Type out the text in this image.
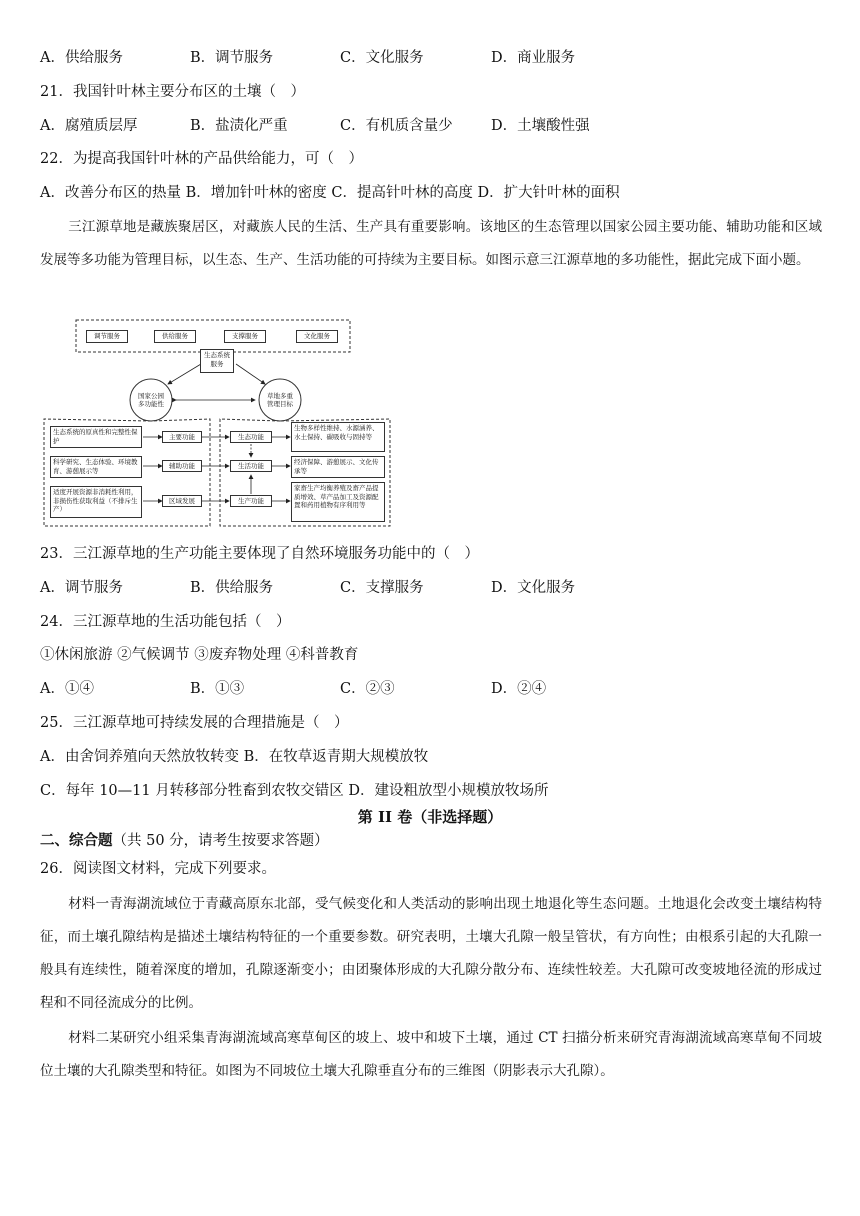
A．供给服务	B．调节服务	C．文化服务	D．商业服务
21．我国针叶林主要分布区的土壤（　）
A．腐殖质层厚	B．盐渍化严重	C．有机质含量少	D．土壤酸性强
22．为提高我国针叶林的产品供给能力，可（　）
A．改善分布区的热量 B．增加针叶林的密度 C．提高针叶林的高度 D．扩大针叶林的面积
三江源草地是藏族聚居区，对藏族人民的生活、生产具有重要影响。该地区的生态管理以国家公园主要功能、辅助功能和区域发展等多功能为管理目标，以生态、生产、生活功能的可持续为主要目标。如图示意三江源草地的多功能性，据此完成下面小题。
调节服务	供给服务	支撑服务	文化服务
生态系统服务
国家公园多功能性
草地多重管理目标
生态系统的原真性和完整性保护
科学研究、生态体验、环境教育、游憩展示等
适度开展资源非消耗性利用，非损伤性获取利益（不排斥生产）
主要功能
辅助功能
区域发展
生态功能
生活功能
生产功能
生物多样性维持、水源涵养、水土保持、碳吸收与固持等
经济保障、游憩展示、文化传承等
家畜生产均衡养殖及畜产品提质增效、草产品加工及资源配置和药用植物有序利用等
23．三江源草地的生产功能主要体现了自然环境服务功能中的（　）
A．调节服务	B．供给服务	C．支撑服务	D．文化服务
24．三江源草地的生活功能包括（　）
①休闲旅游 ②气候调节 ③废弃物处理 ④科普教育
A．①④	B．①③	C．②③	D．②④
25．三江源草地可持续发展的合理措施是（　）
A．由舍饲养殖向天然放牧转变 B．在牧草返青期大规模放牧
C．每年 10—11 月转移部分牲畜到农牧交错区 D．建设粗放型小规模放牧场所
第 II 卷（非选择题）
二、综合题（共 50 分，请考生按要求答题）
26．阅读图文材料，完成下列要求。
材料一青海湖流域位于青藏高原东北部，受气候变化和人类活动的影响出现土地退化等生态问题。土地退化会改变土壤结构特征，而土壤孔隙结构是描述土壤结构特征的一个重要参数。研究表明，土壤大孔隙一般呈管状，有方向性；由根系引起的大孔隙一般具有连续性，随着深度的增加，孔隙逐渐变小；由团聚体形成的大孔隙分散分布、连续性较差。大孔隙可改变坡地径流的形成过程和不同径流成分的比例。
材料二某研究小组采集青海湖流域高寒草甸区的坡上、坡中和坡下土壤，通过 CT 扫描分析来研究青海湖流域高寒草甸不同坡位土壤的大孔隙类型和特征。如图为不同坡位土壤大孔隙垂直分布的三维图（阴影表示大孔隙）。
